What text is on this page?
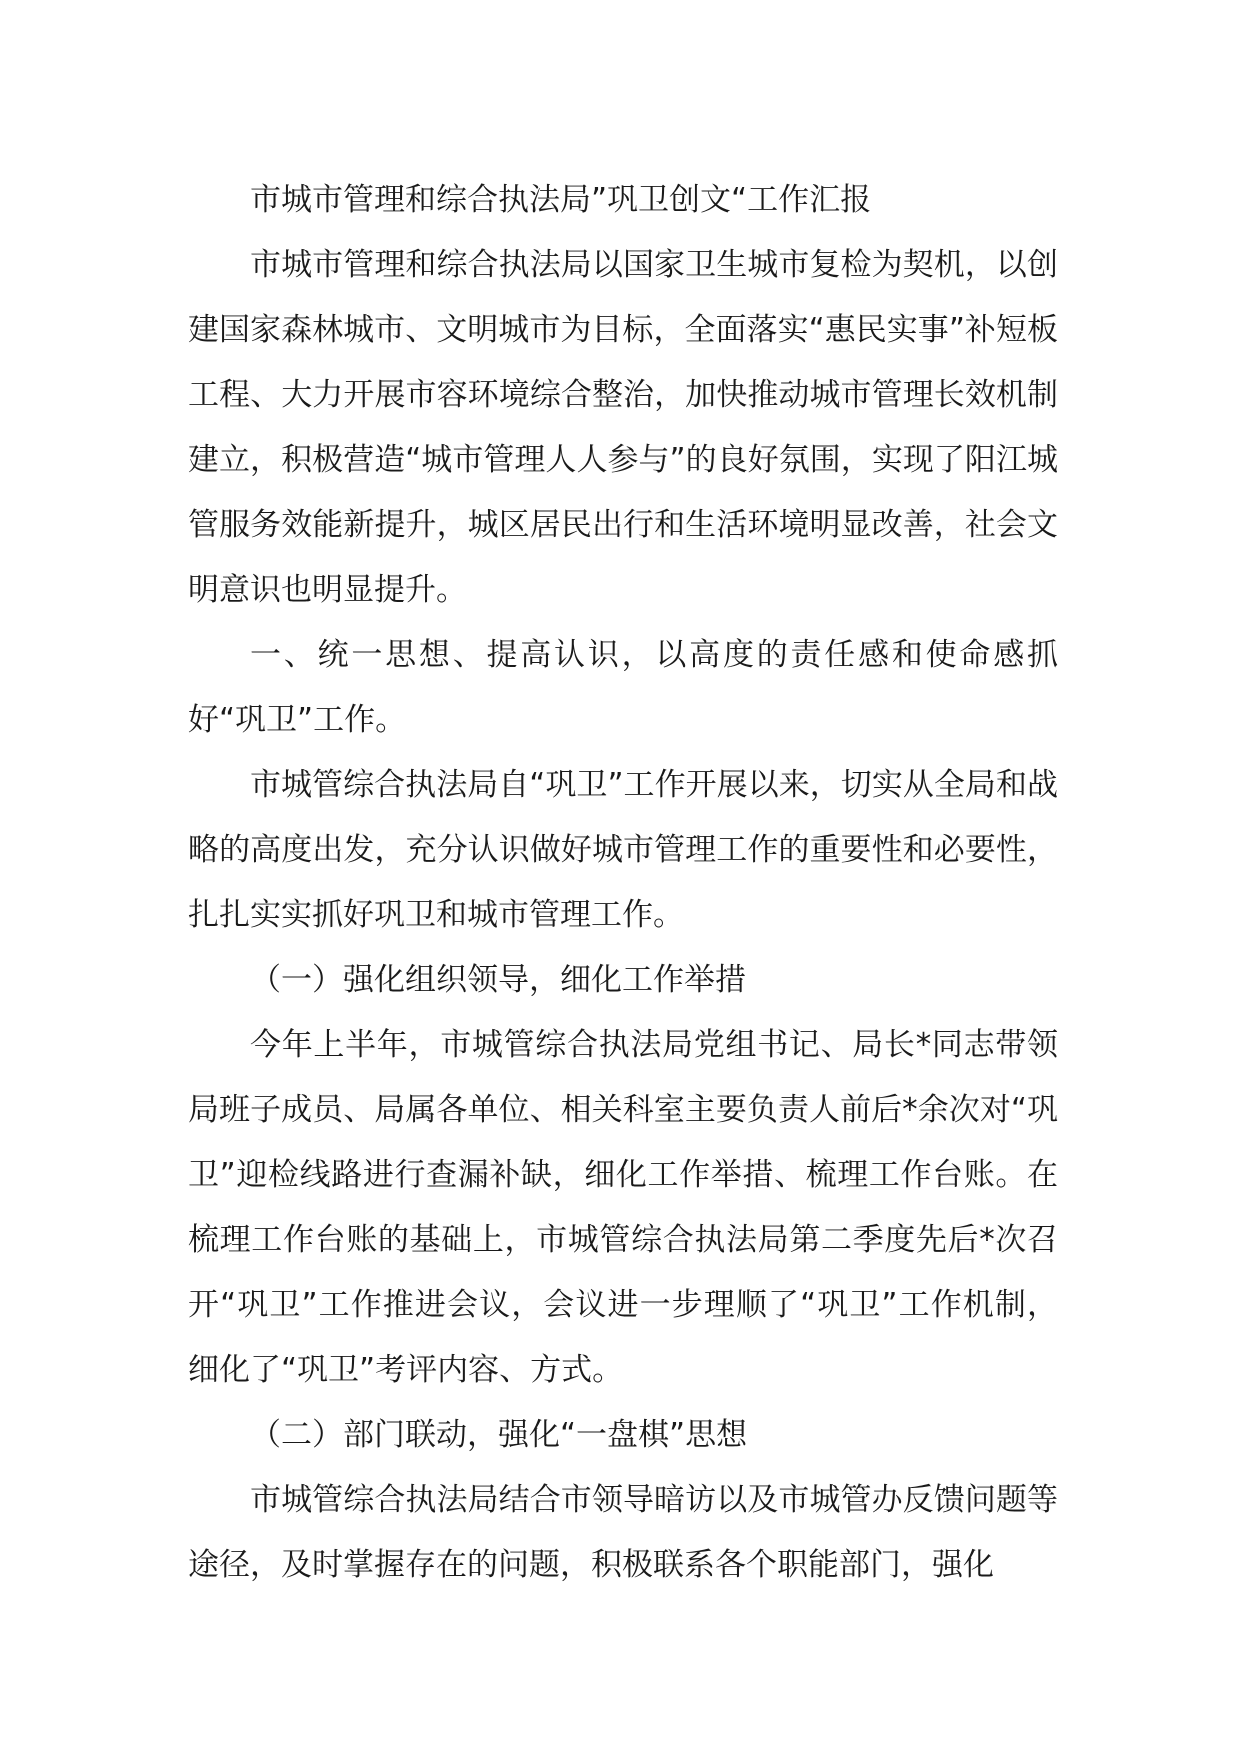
市城市管理和综合执法局”巩卫创文“工作汇报

市城市管理和综合执法局以国家卫生城市复检为契机，以创建国家森林城市、文明城市为目标，全面落实“惠民实事”补短板工程、大力开展市容环境综合整治，加快推动城市管理长效机制建立，积极营造“城市管理人人参与”的良好氛围，实现了阳江城管服务效能新提升，城区居民出行和生活环境明显改善，社会文明意识也明显提升。

一、统一思想、提高认识，以高度的责任感和使命感抓好“巩卫”工作。

市城管综合执法局自“巩卫”工作开展以来，切实从全局和战略的高度出发，充分认识做好城市管理工作的重要性和必要性，扎扎实实抓好巩卫和城市管理工作。

（一）强化组织领导，细化工作举措

今年上半年，市城管综合执法局党组书记、局长*同志带领局班子成员、局属各单位、相关科室主要负责人前后*余次对“巩卫”迎检线路进行查漏补缺，细化工作举措、梳理工作台账。在梳理工作台账的基础上，市城管综合执法局第二季度先后*次召开“巩卫”工作推进会议，会议进一步理顺了“巩卫”工作机制，细化了“巩卫”考评内容、方式。

（二）部门联动，强化“一盘棋”思想

市城管综合执法局结合市领导暗访以及市城管办反馈问题等途径，及时掌握存在的问题，积极联系各个职能部门，强化
